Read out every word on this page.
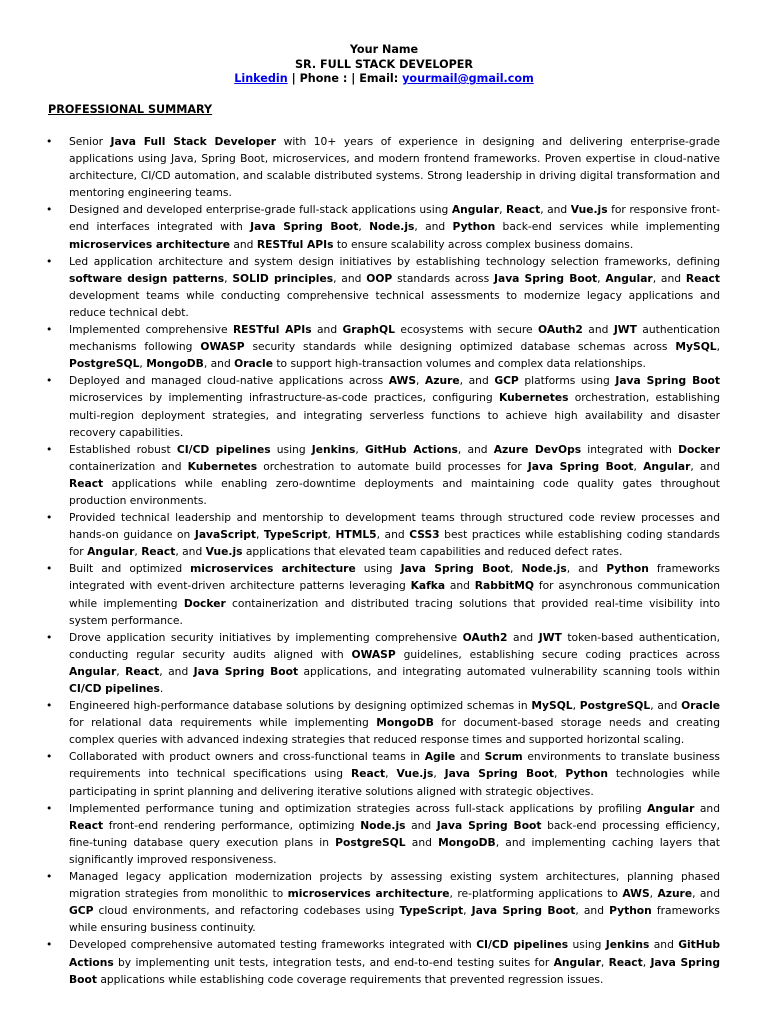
Your Name
SR. FULL STACK DEVELOPER
Linkedin | Phone : | Email: yourmail@gmail.com
PROFESSIONAL SUMMARY
• Senior Java Full Stack Developer with 10+ years of experience in designing and delivering enterprise-grade applications using Java, Spring Boot, microservices, and modern frontend frameworks. Proven expertise in cloud-native architecture, CI/CD automation, and scalable distributed systems. Strong leadership in driving digital transformation and mentoring engineering teams.
• Designed and developed enterprise-grade full-stack applications using Angular, React, and Vue.js for responsive front-end interfaces integrated with Java Spring Boot, Node.js, and Python back-end services while implementing microservices architecture and RESTful APIs to ensure scalability across complex business domains.
• Led application architecture and system design initiatives by establishing technology selection frameworks, defining software design patterns, SOLID principles, and OOP standards across Java Spring Boot, Angular, and React development teams while conducting comprehensive technical assessments to modernize legacy applications and reduce technical debt.
• Implemented comprehensive RESTful APIs and GraphQL ecosystems with secure OAuth2 and JWT authentication mechanisms following OWASP security standards while designing optimized database schemas across MySQL, PostgreSQL, MongoDB, and Oracle to support high-transaction volumes and complex data relationships.
• Deployed and managed cloud-native applications across AWS, Azure, and GCP platforms using Java Spring Boot microservices by implementing infrastructure-as-code practices, configuring Kubernetes orchestration, establishing multi-region deployment strategies, and integrating serverless functions to achieve high availability and disaster recovery capabilities.
• Established robust CI/CD pipelines using Jenkins, GitHub Actions, and Azure DevOps integrated with Docker containerization and Kubernetes orchestration to automate build processes for Java Spring Boot, Angular, and React applications while enabling zero-downtime deployments and maintaining code quality gates throughout production environments.
• Provided technical leadership and mentorship to development teams through structured code review processes and hands-on guidance on JavaScript, TypeScript, HTML5, and CSS3 best practices while establishing coding standards for Angular, React, and Vue.js applications that elevated team capabilities and reduced defect rates.
• Built and optimized microservices architecture using Java Spring Boot, Node.js, and Python frameworks integrated with event-driven architecture patterns leveraging Kafka and RabbitMQ for asynchronous communication while implementing Docker containerization and distributed tracing solutions that provided real-time visibility into system performance.
• Drove application security initiatives by implementing comprehensive OAuth2 and JWT token-based authentication, conducting regular security audits aligned with OWASP guidelines, establishing secure coding practices across Angular, React, and Java Spring Boot applications, and integrating automated vulnerability scanning tools within CI/CD pipelines.
• Engineered high-performance database solutions by designing optimized schemas in MySQL, PostgreSQL, and Oracle for relational data requirements while implementing MongoDB for document-based storage needs and creating complex queries with advanced indexing strategies that reduced response times and supported horizontal scaling.
• Collaborated with product owners and cross-functional teams in Agile and Scrum environments to translate business requirements into technical specifications using React, Vue.js, Java Spring Boot, Python technologies while participating in sprint planning and delivering iterative solutions aligned with strategic objectives.
• Implemented performance tuning and optimization strategies across full-stack applications by profiling Angular and React front-end rendering performance, optimizing Node.js and Java Spring Boot back-end processing efficiency, fine-tuning database query execution plans in PostgreSQL and MongoDB, and implementing caching layers that significantly improved responsiveness.
• Managed legacy application modernization projects by assessing existing system architectures, planning phased migration strategies from monolithic to microservices architecture, re-platforming applications to AWS, Azure, and GCP cloud environments, and refactoring codebases using TypeScript, Java Spring Boot, and Python frameworks while ensuring business continuity.
• Developed comprehensive automated testing frameworks integrated with CI/CD pipelines using Jenkins and GitHub Actions by implementing unit tests, integration tests, and end-to-end testing suites for Angular, React, Java Spring Boot applications while establishing code coverage requirements that prevented regression issues.
